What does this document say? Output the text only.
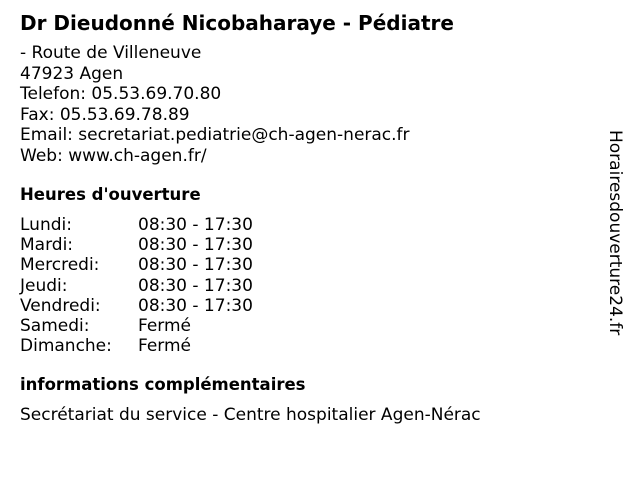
Dr Dieudonné Nicobaharaye - Pédiatre
- Route de Villeneuve
47923 Agen
Telefon: 05.53.69.70.80
Fax: 05.53.69.78.89
Email: secretariat.pediatrie@ch-agen-nerac.fr
Web: www.ch-agen.fr/
Heures d'ouverture
Lundi:	08:30 - 17:30
Mardi:	08:30 - 17:30
Mercredi:	08:30 - 17:30
Jeudi:	08:30 - 17:30
Vendredi:	08:30 - 17:30
Samedi:	Fermé
Dimanche:	Fermé
informations complémentaires
Secrétariat du service - Centre hospitalier Agen-Nérac
Horairesdouverture24.fr
